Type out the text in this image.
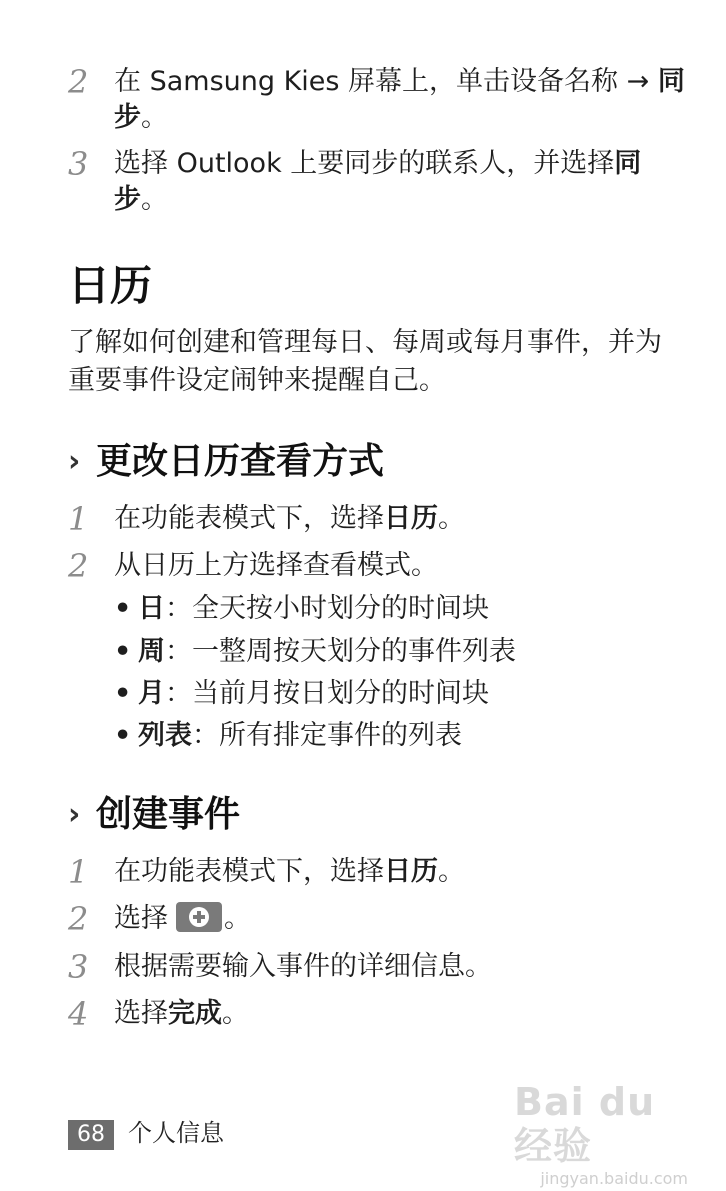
2 在 Samsung Kies 屏幕上，单击设备名称 → 同步。
3 选择 Outlook 上要同步的联系人，并选择同步。
日历
了解如何创建和管理每日、每周或每月事件，并为重要事件设定闹钟来提醒自己。
› 更改日历查看方式
1 在功能表模式下，选择日历。
2 从日历上方选择查看模式。
• 日：全天按小时划分的时间块
• 周：一整周按天划分的事件列表
• 月：当前月按日划分的时间块
• 列表：所有排定事件的列表
› 创建事件
1 在功能表模式下，选择日历。
2 选择 。
3 根据需要输入事件的详细信息。
4 选择完成。
68 个人信息
Bai du 经验
jingyan.baidu.com
